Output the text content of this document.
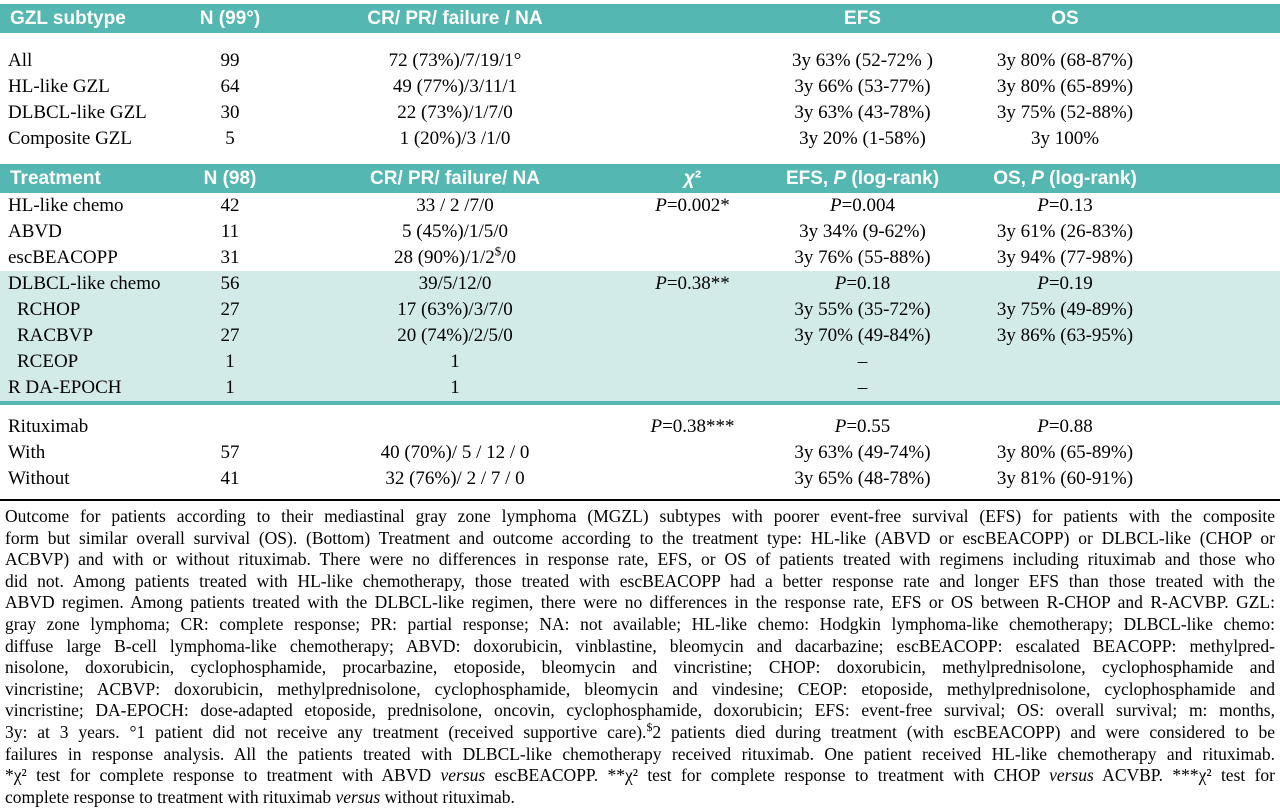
GZL subtype	N (99°)	CR/ PR/ failure / NA		EFS	OS	
All	99	72 (73%)/7/19/1°		3y 63% (52-72% )	3y 80% (68-87%)	
HL-like GZL	64	49 (77%)/3/11/1		3y 66% (53-77%)	3y 80% (65-89%)	
DLBCL-like GZL	30	22 (73%)/1/7/0		3y 63% (43-78%)	3y 75% (52-88%)	
Composite GZL	5	1 (20%)/3 /1/0		3y 20% (1-58%)	3y 100%	
Treatment	N (98)	CR/ PR/ failure/ NA	χ²	EFS, P (log-rank)	OS, P (log-rank)	
HL-like chemo	42	33 / 2 /7/0	P=0.002*	P=0.004	P=0.13	
ABVD	11	5 (45%)/1/5/0		3y 34% (9-62%)	3y 61% (26-83%)	
escBEACOPP	31	28 (90%)/1/2$/0		3y 76% (55-88%)	3y 94% (77-98%)	
DLBCL-like chemo	56	39/5/12/0	P=0.38**	P=0.18	P=0.19	
RCHOP	27	17 (63%)/3/7/0		3y 55% (35-72%)	3y 75% (49-89%)	
RACBVP	27	20 (74%)/2/5/0		3y 70% (49-84%)	3y 86% (63-95%)	
RCEOP	1	1		–		
R DA-EPOCH	1	1		–		
Rituximab			P=0.38***	P=0.55	P=0.88	
With	57	40 (70%)/ 5 / 12 / 0		3y 63% (49-74%)	3y 80% (65-89%)	
Without	41	32 (76%)/ 2 / 7 / 0		3y 65% (48-78%)	3y 81% (60-91%)	
Outcome for patients according to their mediastinal gray zone lymphoma (MGZL) subtypes with poorer event-free survival (EFS) for patients with the composite
form but similar overall survival (OS). (Bottom) Treatment and outcome according to the treatment type: HL-like (ABVD or escBEACOPP) or DLBCL-like (CHOP or
ACBVP) and with or without rituximab. There were no differences in response rate, EFS, or OS of patients treated with regimens including rituximab and those who
did not. Among patients treated with HL-like chemotherapy, those treated with escBEACOPP had a better response rate and longer EFS than those treated with the
ABVD regimen. Among patients treated with the DLBCL-like regimen, there were no differences in the response rate, EFS or OS between R-CHOP and R-ACVBP. GZL:
gray zone lymphoma; CR: complete response; PR: partial response; NA: not available; HL-like chemo: Hodgkin lymphoma-like chemotherapy; DLBCL-like chemo:
diffuse large B-cell lymphoma-like chemotherapy; ABVD: doxorubicin, vinblastine, bleomycin and dacarbazine; escBEACOPP: escalated BEACOPP: methylpred-
nisolone, doxorubicin, cyclophosphamide, procarbazine, etoposide, bleomycin and vincristine; CHOP: doxorubicin, methylprednisolone, cyclophosphamide and
vincristine; ACBVP: doxorubicin, methylprednisolone, cyclophosphamide, bleomycin and vindesine; CEOP: etoposide, methylprednisolone, cyclophosphamide and
vincristine; DA-EPOCH: dose-adapted etoposide, prednisolone, oncovin, cyclophosphamide, doxorubicin; EFS: event-free survival; OS: overall survival; m: months,
3y: at 3 years. °1 patient did not receive any treatment (received supportive care).$2 patients died during treatment (with escBEACOPP) and were considered to be
failures in response analysis. All the patients treated with DLBCL-like chemotherapy received rituximab. One patient received HL-like chemotherapy and rituximab.
*χ² test for complete response to treatment with ABVD versus escBEACOPP. **χ² test for complete response to treatment with CHOP versus ACVBP. ***χ² test for
complete response to treatment with rituximab versus without rituximab.
